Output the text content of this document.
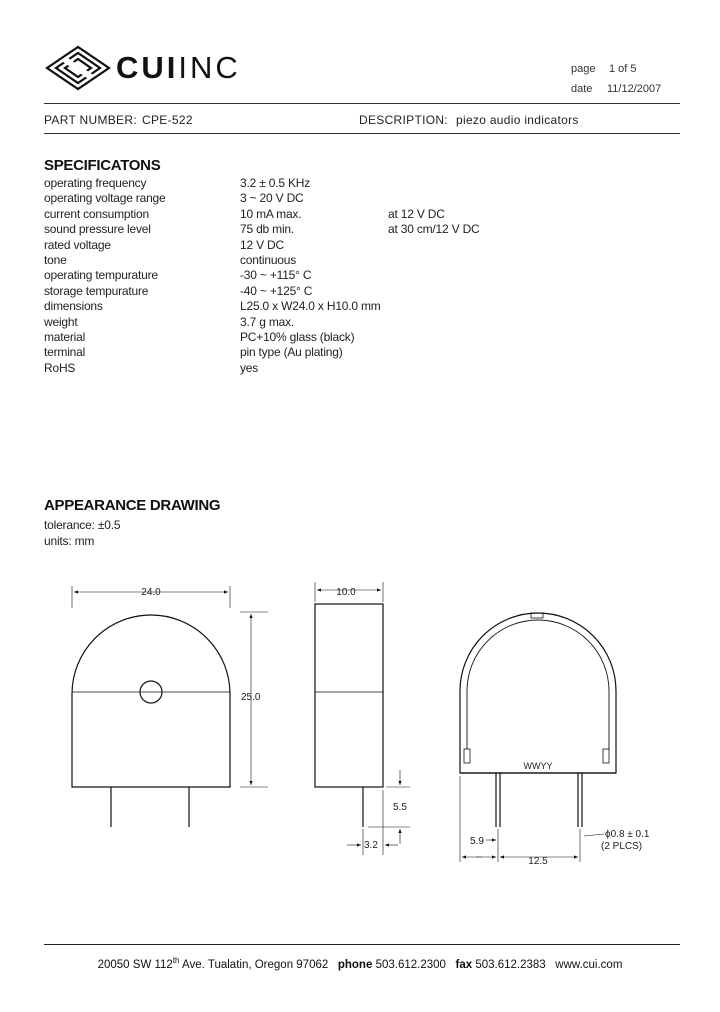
CUIINC	page 1 of 5
date 11/12/2007
PART NUMBER: CPE-522	DESCRIPTION: piezo audio indicators
SPECIFICATONS
operating frequency	3.2 ± 0.5 KHz	
operating voltage range	3 ~ 20 V DC	
current consumption	10 mA max.	at 12 V DC
sound pressure level	75 db min.	at 30 cm/12 V DC
rated voltage	12 V DC	
tone	continuous	
operating tempurature	-30 ~ +115° C	
storage tempurature	-40 ~ +125° C	
dimensions	L25.0 x W24.0 x H10.0 mm	
weight	3.7 g max.	
material	PC+10% glass (black)	
terminal	pin type (Au plating)	
RoHS	yes	
APPEARANCE DRAWING
tolerance: ±0.5
units: mm
24.0
25.0
5.5
3.2
10.0
WWYY
5.9
12.5
ϕ0.8 ± 0.1
(2 PLCS)
20050 SW 112th Ave. Tualatin, Oregon 97062 phone 503.612.2300 fax 503.612.2383 www.cui.com
